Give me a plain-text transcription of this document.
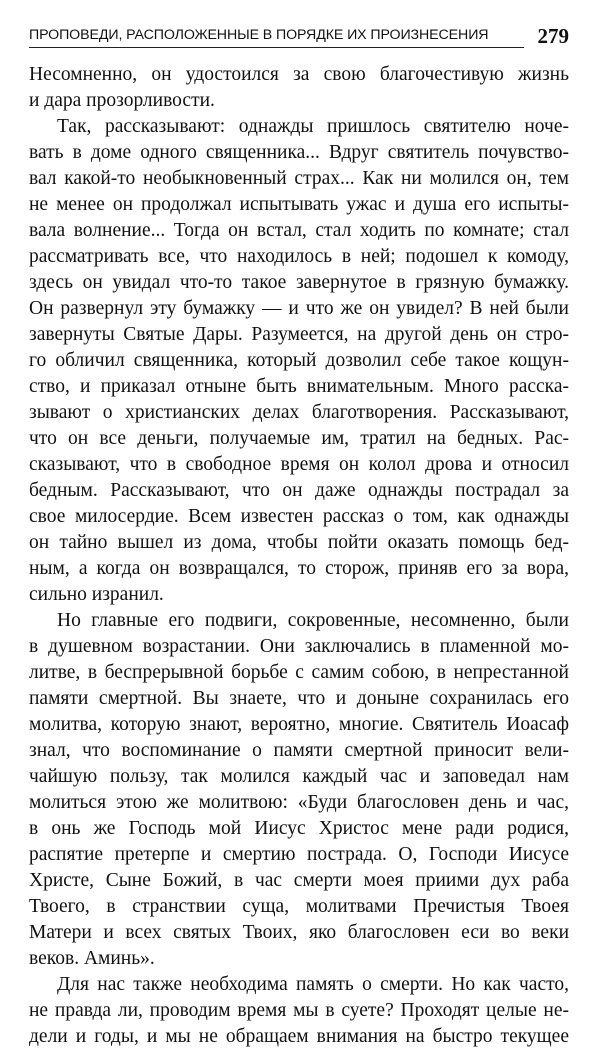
ПРОПОВЕДИ, РАСПОЛОЖЕННЫЕ В ПОРЯДКЕ ИХ ПРОИЗНЕСЕНИЯ	279

Несомненно, он удостоился за свою благочестивую жизнь
и дара прозорливости.

Так, рассказывают: однажды пришлось святителю ноче-
вать в доме одного священника... Вдруг святитель почувство-
вал какой-то необыкновенный страх... Как ни молился он, тем
не менее он продолжал испытывать ужас и душа его испыты-
вала волнение... Тогда он встал, стал ходить по комнате; стал
рассматривать все, что находилось в ней; подошел к комоду,
здесь он увидал что-то такое завернутое в грязную бумажку.
Он развернул эту бумажку — и что же он увидел? В ней были
завернуты Святые Дары. Разумеется, на другой день он стро-
го обличил священника, который дозволил себе такое кощун-
ство, и приказал отныне быть внимательным. Много расска-
зывают о христианских делах благотворения. Рассказывают,
что он все деньги, получаемые им, тратил на бедных. Рас-
сказывают, что в свободное время он колол дрова и относил
бедным. Рассказывают, что он даже однажды пострадал за
свое милосердие. Всем известен рассказ о том, как однажды
он тайно вышел из дома, чтобы пойти оказать помощь бед-
ным, а когда он возвращался, то сторож, приняв его за вора,
сильно изранил.

Но главные его подвиги, сокровенные, несомненно, были
в душевном возрастании. Они заключались в пламенной мо-
литве, в беспрерывной борьбе с самим собою, в непрестанной
памяти смертной. Вы знаете, что и доныне сохранилась его
молитва, которую знают, вероятно, многие. Святитель Иоасаф
знал, что воспоминание о памяти смертной приносит вели-
чайшую пользу, так молился каждый час и заповедал нам
молиться этою же молитвою: «Буди благословен день и час,
в онь же Господь мой Иисус Христос мене ради родися,
распятие претерпе и смертию пострада. О, Господи Иисусе
Христе, Сыне Божий, в час смерти моея приими дух раба
Твоего, в странствии суща, молитвами Пречистыя Твоея
Матери и всех святых Твоих, яко благословен еси во веки
веков. Аминь».

Для нас также необходима память о смерти. Но как часто,
не правда ли, проводим время мы в суете? Проходят целые не-
дели и годы, и мы не обращаем внимания на быстро текущее
